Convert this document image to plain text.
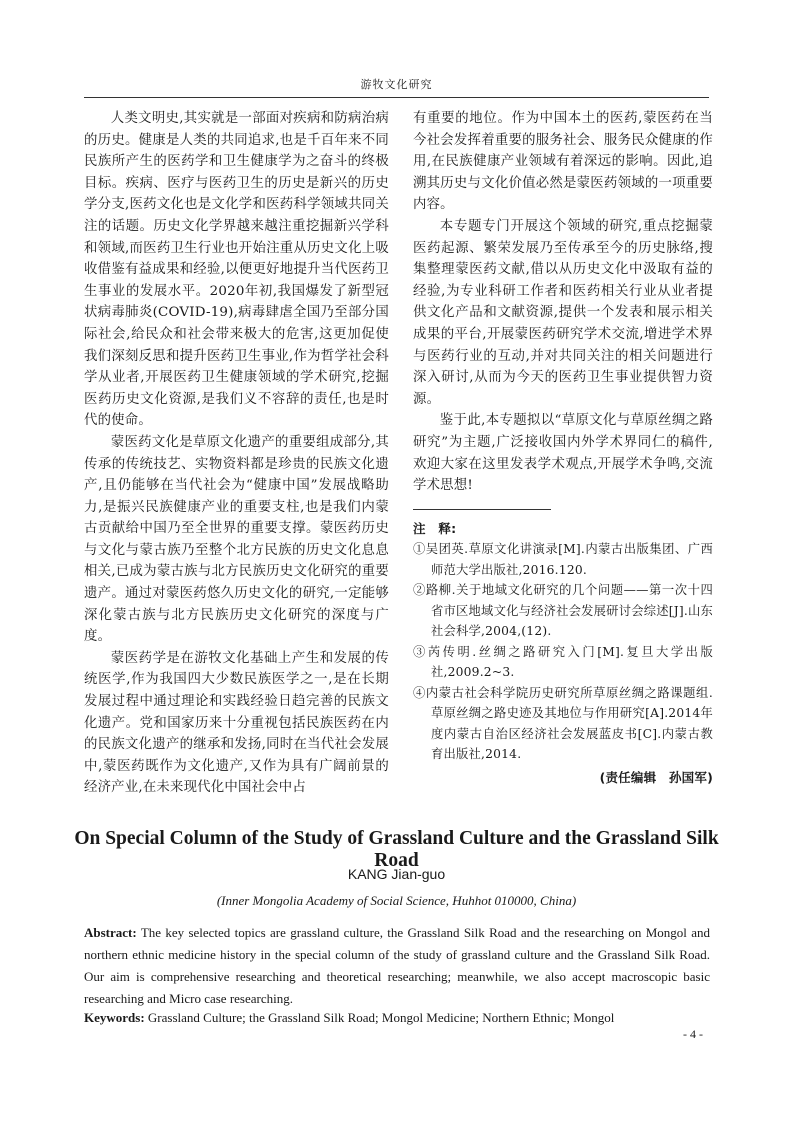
游牧文化研究

人类文明史,其实就是一部面对疾病和防病治病的历史。健康是人类的共同追求,也是千百年来不同民族所产生的医药学和卫生健康学为之奋斗的终极目标。疾病、医疗与医药卫生的历史是新兴的历史学分支,医药文化也是文化学和医药科学领域共同关注的话题。历史文化学界越来越注重挖掘新兴学科和领域,而医药卫生行业也开始注重从历史文化上吸收借鉴有益成果和经验,以便更好地提升当代医药卫生事业的发展水平。2020年初,我国爆发了新型冠状病毒肺炎(COVID-19),病毒肆虐全国乃至部分国际社会,给民众和社会带来极大的危害,这更加促使我们深刻反思和提升医药卫生事业,作为哲学社会科学从业者,开展医药卫生健康领域的学术研究,挖掘医药历史文化资源,是我们义不容辞的责任,也是时代的使命。

蒙医药文化是草原文化遗产的重要组成部分,其传承的传统技艺、实物资料都是珍贵的民族文化遗产,且仍能够在当代社会为“健康中国”发展战略助力,是振兴民族健康产业的重要支柱,也是我们内蒙古贡献给中国乃至全世界的重要支撑。蒙医药历史与文化与蒙古族乃至整个北方民族的历史文化息息相关,已成为蒙古族与北方民族历史文化研究的重要遗产。通过对蒙医药悠久历史文化的研究,一定能够深化蒙古族与北方民族历史文化研究的深度与广度。

蒙医药学是在游牧文化基础上产生和发展的传统医学,作为我国四大少数民族医学之一,是在长期发展过程中通过理论和实践经验日趋完善的民族文化遗产。党和国家历来十分重视包括民族医药在内的民族文化遗产的继承和发扬,同时在当代社会发展中,蒙医药既作为文化遗产,又作为具有广阔前景的经济产业,在未来现代化中国社会中占

有重要的地位。作为中国本土的医药,蒙医药在当今社会发挥着重要的服务社会、服务民众健康的作用,在民族健康产业领域有着深远的影响。因此,追溯其历史与文化价值必然是蒙医药领域的一项重要内容。

本专题专门开展这个领域的研究,重点挖掘蒙医药起源、繁荣发展乃至传承至今的历史脉络,搜集整理蒙医药文献,借以从历史文化中汲取有益的经验,为专业科研工作者和医药相关行业从业者提供文化产品和文献资源,提供一个发表和展示相关成果的平台,开展蒙医药研究学术交流,增进学术界与医药行业的互动,并对共同关注的相关问题进行深入研讨,从而为今天的医药卫生事业提供智力资源。

鉴于此,本专题拟以“草原文化与草原丝绸之路研究”为主题,广泛接收国内外学术界同仁的稿件,欢迎大家在这里发表学术观点,开展学术争鸣,交流学术思想!

注　释:
①吴团英.草原文化讲演录[M].内蒙古出版集团、广西师范大学出版社,2016.120.
②路柳.关于地域文化研究的几个问题——第一次十四省市区地域文化与经济社会发展研讨会综述[J].山东社会科学,2004,(12).
③芮传明.丝绸之路研究入门[M].复旦大学出版社,2009.2~3.
④内蒙古社会科学院历史研究所草原丝绸之路课题组.草原丝绸之路史迹及其地位与作用研究[A].2014年度内蒙古自治区经济社会发展蓝皮书[C].内蒙古教育出版社,2014.
(责任编辑　孙国军)
On Special Column of the Study of Grassland Culture and the Grassland Silk Road
KANG Jian-guo
(Inner Mongolia Academy of Social Science, Huhhot 010000, China)
Abstract: The key selected topics are grassland culture, the Grassland Silk Road and the researching on Mongol and northern ethnic medicine history in the special column of the study of grassland culture and the Grassland Silk Road. Our aim is comprehensive researching and theoretical researching; meanwhile, we also accept macroscopic basic researching and Micro case researching.
Keywords: Grassland Culture; the Grassland Silk Road; Mongol Medicine; Northern Ethnic; Mongol
- 4 -
